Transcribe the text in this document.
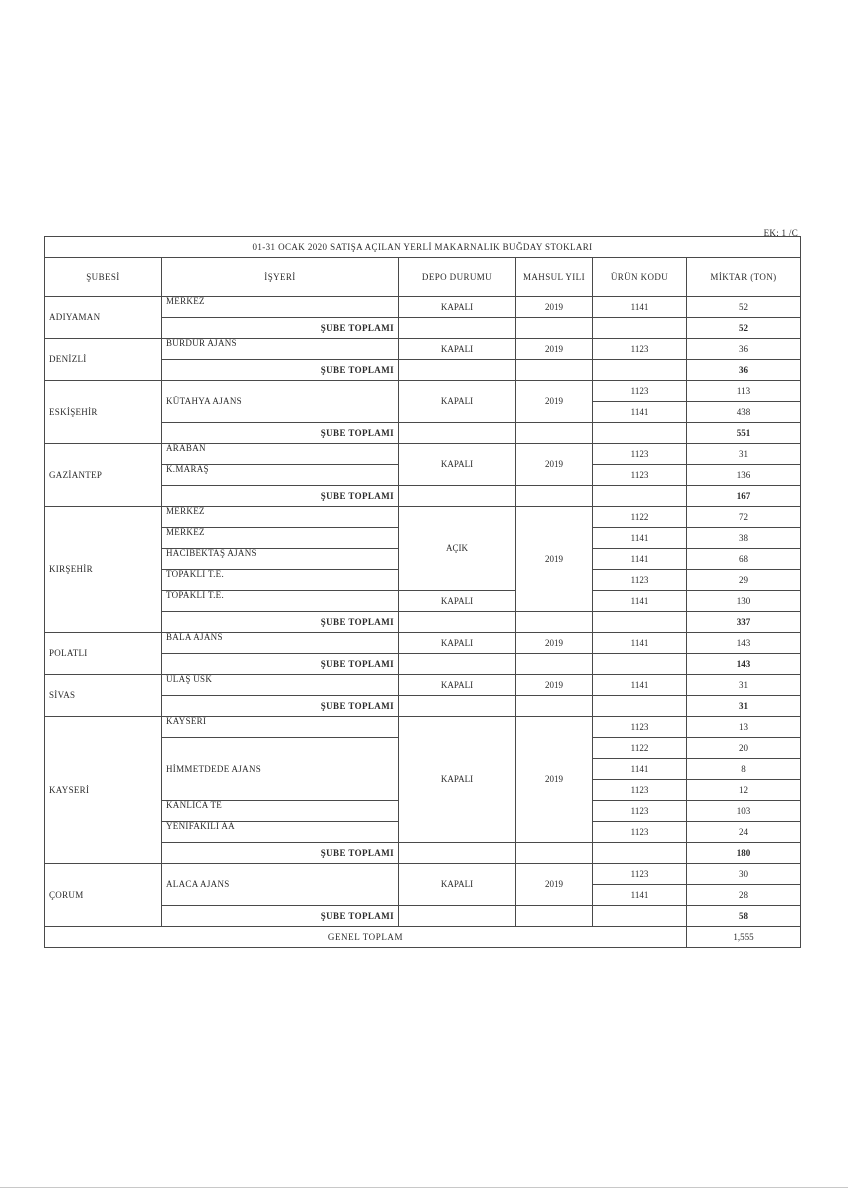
EK: 1 /C
01-31 OCAK 2020 SATIŞA AÇILAN YERLİ MAKARNALIK BUĞDAY STOKLARI					
ŞUBESİ	İŞYERİ	DEPO DURUMU	MAHSUL YILI	ÜRÜN KODU	MİKTAR (TON)
ADIYAMAN	MERKEZ	KAPALI	2019	1141	52
	ŞUBE TOPLAMI				52
DENİZLİ	BURDUR AJANS	KAPALI	2019	1123	36
	ŞUBE TOPLAMI				36
ESKİŞEHİR	KÜTAHYA AJANS	KAPALI	2019	1123	113
				1141	438
	ŞUBE TOPLAMI				551
GAZİANTEP	ARABAN	KAPALI	2019	1123	31
	K.MARAŞ			1123	136
	ŞUBE TOPLAMI				167
KIRŞEHİR	MERKEZ	AÇIK	2019	1122	72
	MERKEZ			1141	38
	HACIBEKTAŞ AJANS			1141	68
	TOPAKLI T.E.			1123	29
	TOPAKLI T.E.	KAPALI		1141	130
	ŞUBE TOPLAMI				337
POLATLI	BALA AJANS	KAPALI	2019	1141	143
	ŞUBE TOPLAMI				143
SİVAS	ULAŞ USK	KAPALI	2019	1141	31
	ŞUBE TOPLAMI				31
KAYSERİ	KAYSERİ	KAPALI	2019	1123	13
	HİMMETDEDE AJANS			1122	20
				1141	8
				1123	12
	KANLICA TE			1123	103
	YENİFAKILI AA			1123	24
	ŞUBE TOPLAMI				180
ÇORUM	ALACA AJANS	KAPALI	2019	1123	30
				1141	28
	ŞUBE TOPLAMI				58
GENEL TOPLAM					1,555
